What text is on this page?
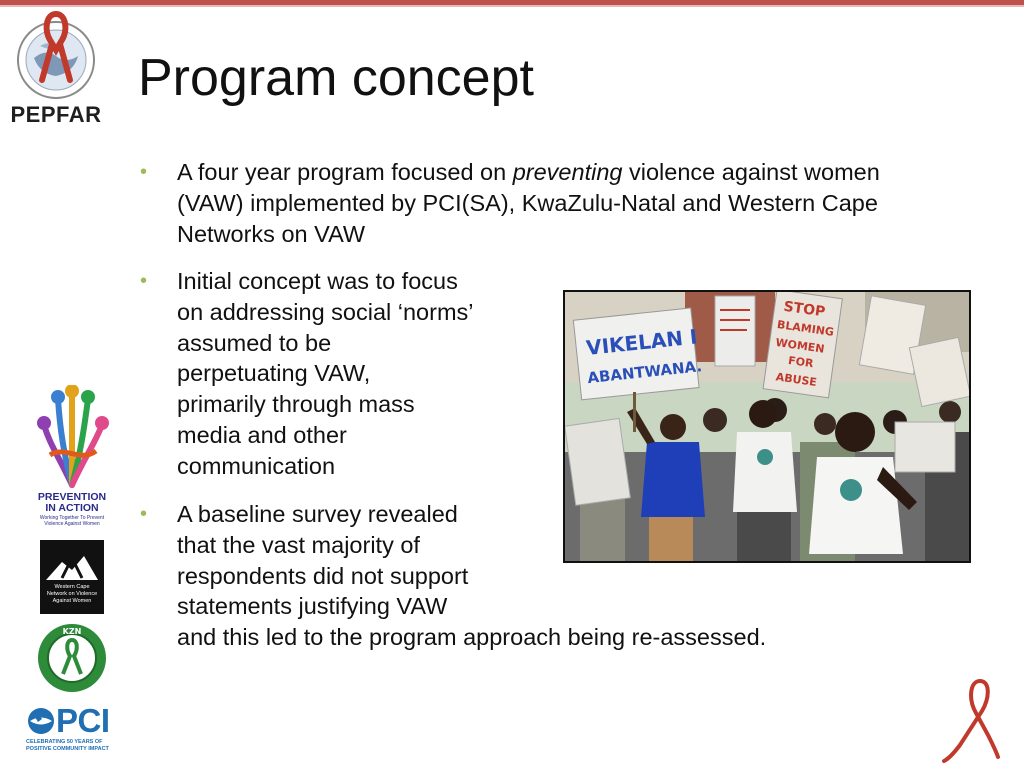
PEPFAR
Program concept
• A four year program focused on preventing violence against women
(VAW) implemented by PCI(SA), KwaZulu-Natal and Western Cape
Networks on VAW
• Initial concept was to focus
on addressing social ‘norms’
assumed to be
perpetuating VAW,
primarily through mass
media and other
communication
• A baseline survey revealed
that the vast majority of
respondents did not support
statements justifying VAW
and this led to the program approach being re-assessed.
VIKELAN I
ABANTWANA.
STOP
BLAMING
WOMEN
FOR
ABUSE
PREVENTION
IN ACTION
Working Together To Prevent Violence Against Women
Western Cape
Network on Violence
Against Women
KZN
PCI
CELEBRATING 50 YEARS OF
POSITIVE COMMUNITY IMPACT
